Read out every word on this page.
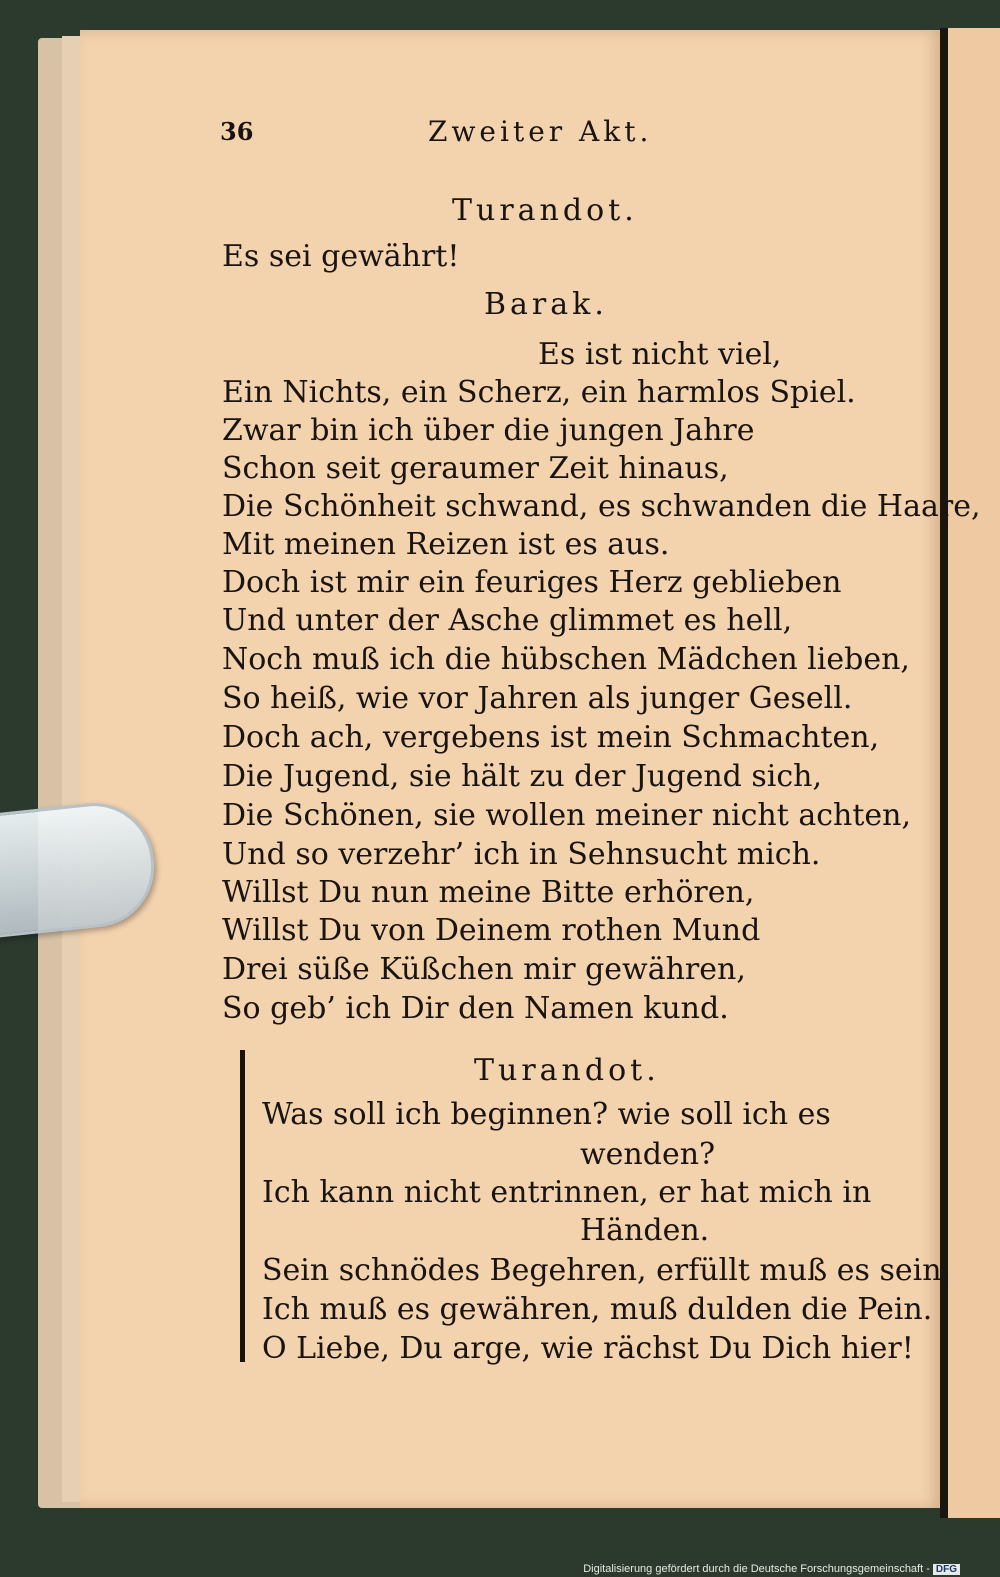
36	Zweiter Akt.
Turandot.
Es sei gewährt!
Barak.
Es ist nicht viel,
Ein Nichts, ein Scherz, ein harmlos Spiel.
Zwar bin ich über die jungen Jahre
Schon seit geraumer Zeit hinaus,
Die Schönheit schwand, es schwanden die Haare,
Mit meinen Reizen ist es aus.
Doch ist mir ein feuriges Herz geblieben
Und unter der Asche glimmet es hell,
Noch muß ich die hübschen Mädchen lieben,
So heiß, wie vor Jahren als junger Gesell.
Doch ach, vergebens ist mein Schmachten,
Die Jugend, sie hält zu der Jugend sich,
Die Schönen, sie wollen meiner nicht achten,
Und so verzehr’ ich in Sehnsucht mich.
Willst Du nun meine Bitte erhören,
Willst Du von Deinem rothen Mund
Drei süße Küßchen mir gewähren,
So geb’ ich Dir den Namen kund.
Turandot.
Was soll ich beginnen? wie soll ich es
wenden?
Ich kann nicht entrinnen, er hat mich in
Händen.
Sein schnödes Begehren, erfüllt muß es sein,
Ich muß es gewähren, muß dulden die Pein.
O Liebe, Du arge, wie rächst Du Dich hier!
Digitalisierung gefördert durch die Deutsche Forschungsgemeinschaft - DFG
